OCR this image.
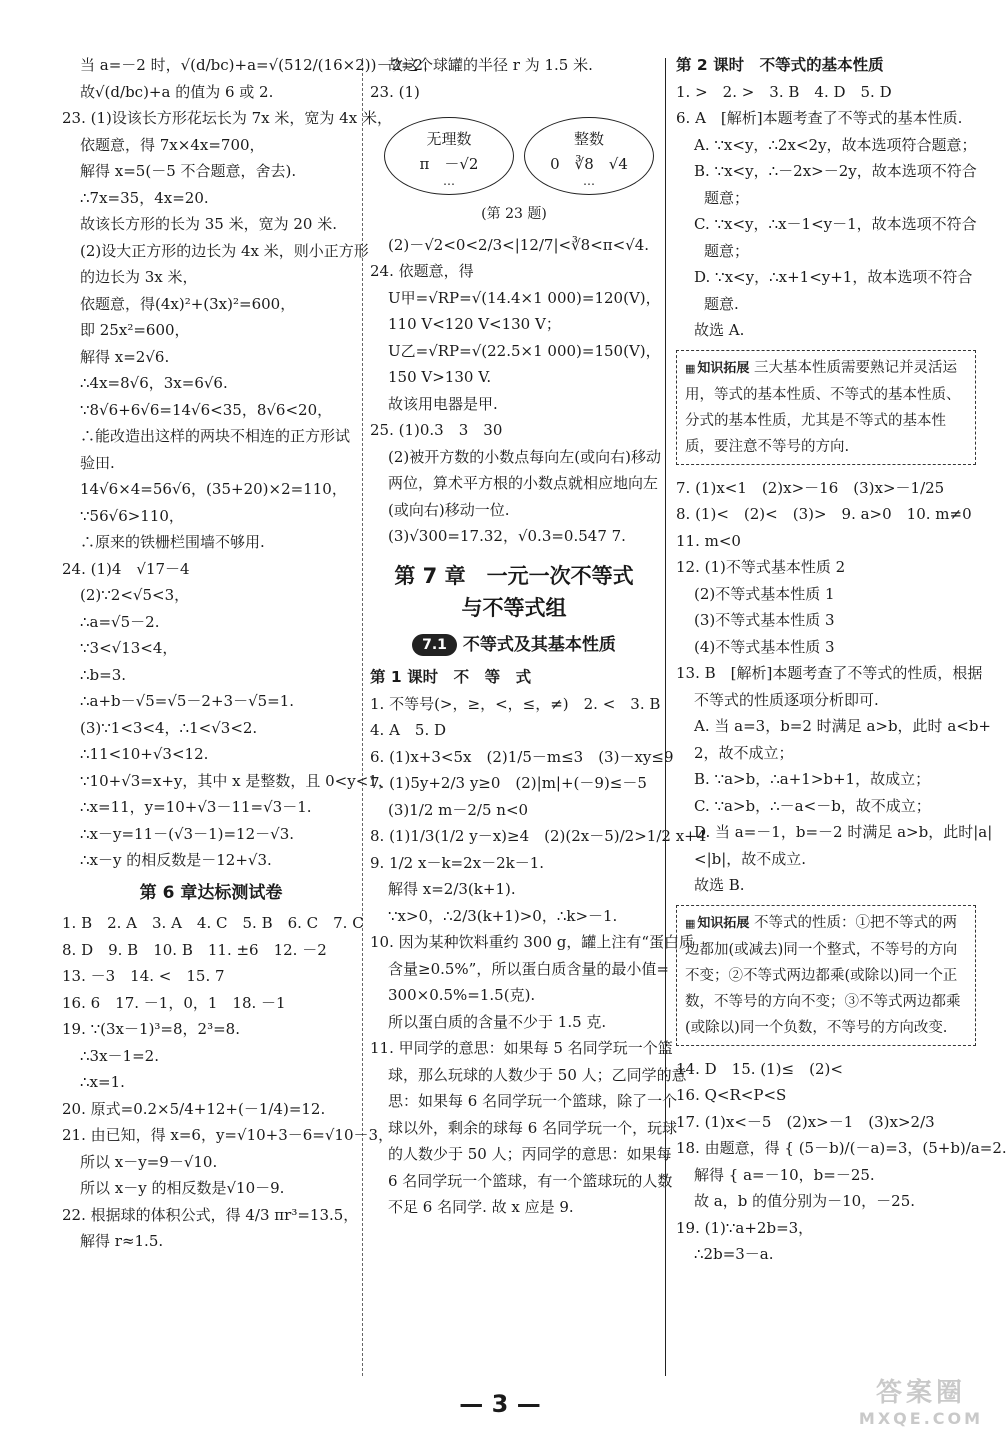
当 a=－2 时，√(d/bc)+a=√(512/(16×2))－2=2.
故√(d/bc)+a 的值为 6 或 2.
23. (1)设该长方形花坛长为 7x 米，宽为 4x 米，
依题意，得 7x×4x=700，
解得 x=5(－5 不合题意，舍去).
∴7x=35，4x=20.
故该长方形的长为 35 米，宽为 20 米.
(2)设大正方形的边长为 4x 米，则小正方形
的边长为 3x 米，
依题意，得(4x)²+(3x)²=600，
即 25x²=600，
解得 x=2√6.
∴4x=8√6，3x=6√6.
∵8√6+6√6=14√6<35，8√6<20，
∴能改造出这样的两块不相连的正方形试
验田.
14√6×4=56√6，(35+20)×2=110，
∵56√6>110，
∴原来的铁栅栏围墙不够用.
24. (1)4　√17－4
(2)∵2<√5<3，
∴a=√5－2.
∵3<√13<4，
∴b=3.
∴a+b－√5=√5－2+3－√5=1.
(3)∵1<3<4，∴1<√3<2.
∴11<10+√3<12.
∵10+√3=x+y，其中 x 是整数，且 0<y<1，
∴x=11，y=10+√3－11=√3－1.
∴x－y=11－(√3－1)=12－√3.
∴x－y 的相反数是－12+√3.
第 6 章达标测试卷
1. B　2. A　3. A　4. C　5. B　6. C　7. C
8. D　9. B　10. B　11. ±6　12. －2
13. －3　14. <　15. 7
16. 6　17. －1，0，1　18. －1
19. ∵(3x－1)³=8，2³=8.
∴3x－1=2.
∴x=1.
20. 原式=0.2×5/4+12+(－1/4)=12.
21. 由已知，得 x=6，y=√10+3－6=√10－3，
所以 x－y=9－√10.
所以 x－y 的相反数是√10－9.
22. 根据球的体积公式，得 4/3 πr³=13.5，
解得 r≈1.5.
故这个球罐的半径 r 为 1.5 米.
23. (1)
无理数
π　－√2
…
整数
0　∛8　√4
…
(第 23 题)
(2)－√2<0<2/3<|12/7|<∛8<π<√4.
24. 依题意，得
U甲=√RP=√(14.4×1 000)=120(V)，
110 V<120 V<130 V；
U乙=√RP=√(22.5×1 000)=150(V)，
150 V>130 V.
故该用电器是甲.
25. (1)0.3　3　30
(2)被开方数的小数点每向左(或向右)移动
两位，算术平方根的小数点就相应地向左
(或向右)移动一位.
(3)√300=17.32，√0.3=0.547 7.
第 7 章　一元一次不等式
与不等式组
7.1 不等式及其基本性质
第 1 课时　不　等　式
1. 不等号(>，≥，<，≤，≠)　2. <　3. B
4. A　5. D
6. (1)x+3<5x　(2)1/5－m≤3　(3)－xy≤9
7. (1)5y+2/3 y≥0　(2)|m|+(－9)≤－5
(3)1/2 m－2/5 n<0
8. (1)1/3(1/2 y－x)≥4　(2)(2x－5)/2>1/2 x+4
9. 1/2 x－k=2x－2k－1.
解得 x=2/3(k+1).
∵x>0，∴2/3(k+1)>0，∴k>－1.
10. 因为某种饮料重约 300 g，罐上注有“蛋白质
含量≥0.5%”，所以蛋白质含量的最小值=
300×0.5%=1.5(克).
所以蛋白质的含量不少于 1.5 克.
11. 甲同学的意思：如果每 5 名同学玩一个篮
球，那么玩球的人数少于 50 人；乙同学的意
思：如果每 6 名同学玩一个篮球，除了一个
球以外，剩余的球每 6 名同学玩一个，玩球
的人数少于 50 人；丙同学的意思：如果每
6 名同学玩一个篮球，有一个篮球玩的人数
不足 6 名同学. 故 x 应是 9.
第 2 课时　不等式的基本性质
1. >　2. >　3. B　4. D　5. D
6. A　[解析]本题考查了不等式的基本性质.
A. ∵x<y，∴2x<2y，故本选项符合题意；
B. ∵x<y，∴－2x>－2y，故本选项不符合
题意；
C. ∵x<y，∴x－1<y－1，故本选项不符合
题意；
D. ∵x<y，∴x+1<y+1，故本选项不符合
题意.
故选 A.
▦ 知识拓展 三大基本性质需要熟记并灵活运用，等式的基本性质、不等式的基本性质、分式的基本性质，尤其是不等式的基本性质，要注意不等号的方向.
7. (1)x<1　(2)x>－16　(3)x>－1/25
8. (1)<　(2)<　(3)>　9. a>0　10. m≠0
11. m<0
12. (1)不等式基本性质 2
(2)不等式基本性质 1
(3)不等式基本性质 3
(4)不等式基本性质 3
13. B　[解析]本题考查了不等式的性质，根据
不等式的性质逐项分析即可.
A. 当 a=3，b=2 时满足 a>b，此时 a<b+
2，故不成立；
B. ∵a>b，∴a+1>b+1，故成立；
C. ∵a>b，∴－a<－b，故不成立；
D. 当 a=－1，b=－2 时满足 a>b，此时|a|
<|b|，故不成立.
故选 B.
▦ 知识拓展 不等式的性质：①把不等式的两边都加(或减去)同一个整式，不等号的方向不变；②不等式两边都乘(或除以)同一个正数，不等号的方向不变；③不等式两边都乘(或除以)同一个负数，不等号的方向改变.
14. D　15. (1)≤　(2)<
16. Q<R<P<S
17. (1)x<－5　(2)x>－1　(3)x>2/3
18. 由题意，得 { (5－b)/(－a)=3，(5+b)/a=2.
解得 { a=－10，b=－25.
故 a，b 的值分别为－10，－25.
19. (1)∵a+2b=3，
∴2b=3－a.
— 3 —	答案圈
MXQE.COM
